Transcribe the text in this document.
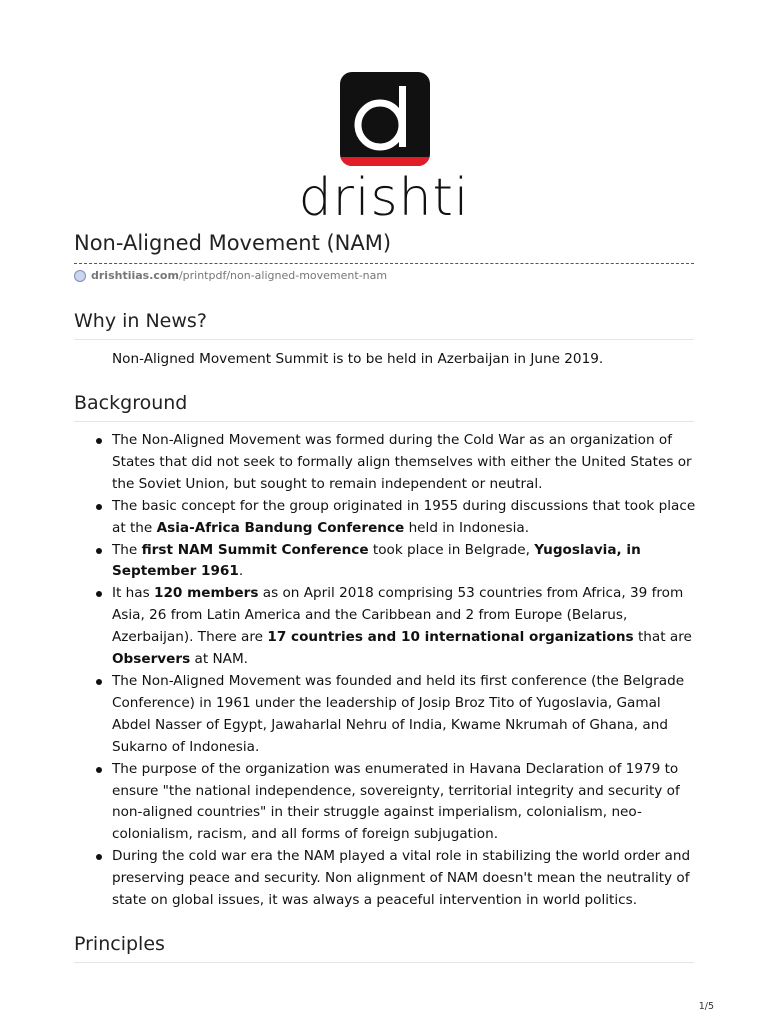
drishti
Non-Aligned Movement (NAM)
drishtiias.com /printpdf/non-aligned-movement-nam
Why in News?
Non-Aligned Movement Summit is to be held in Azerbaijan in June 2019.
Background
The Non-Aligned Movement was formed during the Cold War as an organization of States that did not seek to formally align themselves with either the United States or the Soviet Union, but sought to remain independent or neutral.
The basic concept for the group originated in 1955 during discussions that took place at the Asia-Africa Bandung Conference held in Indonesia.
The first NAM Summit Conference took place in Belgrade, Yugoslavia, in September 1961.
It has 120 members as on April 2018 comprising 53 countries from Africa, 39 from Asia, 26 from Latin America and the Caribbean and 2 from Europe (Belarus, Azerbaijan). There are 17 countries and 10 international organizations that are Observers at NAM.
The Non-Aligned Movement was founded and held its first conference (the Belgrade Conference) in 1961 under the leadership of Josip Broz Tito of Yugoslavia, Gamal Abdel Nasser of Egypt, Jawaharlal Nehru of India, Kwame Nkrumah of Ghana, and Sukarno of Indonesia.
The purpose of the organization was enumerated in Havana Declaration of 1979 to ensure "the national independence, sovereignty, territorial integrity and security of non-aligned countries" in their struggle against imperialism, colonialism, neo-colonialism, racism, and all forms of foreign subjugation.
During the cold war era the NAM played a vital role in stabilizing the world order and preserving peace and security. Non alignment of NAM doesn't mean the neutrality of state on global issues, it was always a peaceful intervention in world politics.
Principles
1/5
